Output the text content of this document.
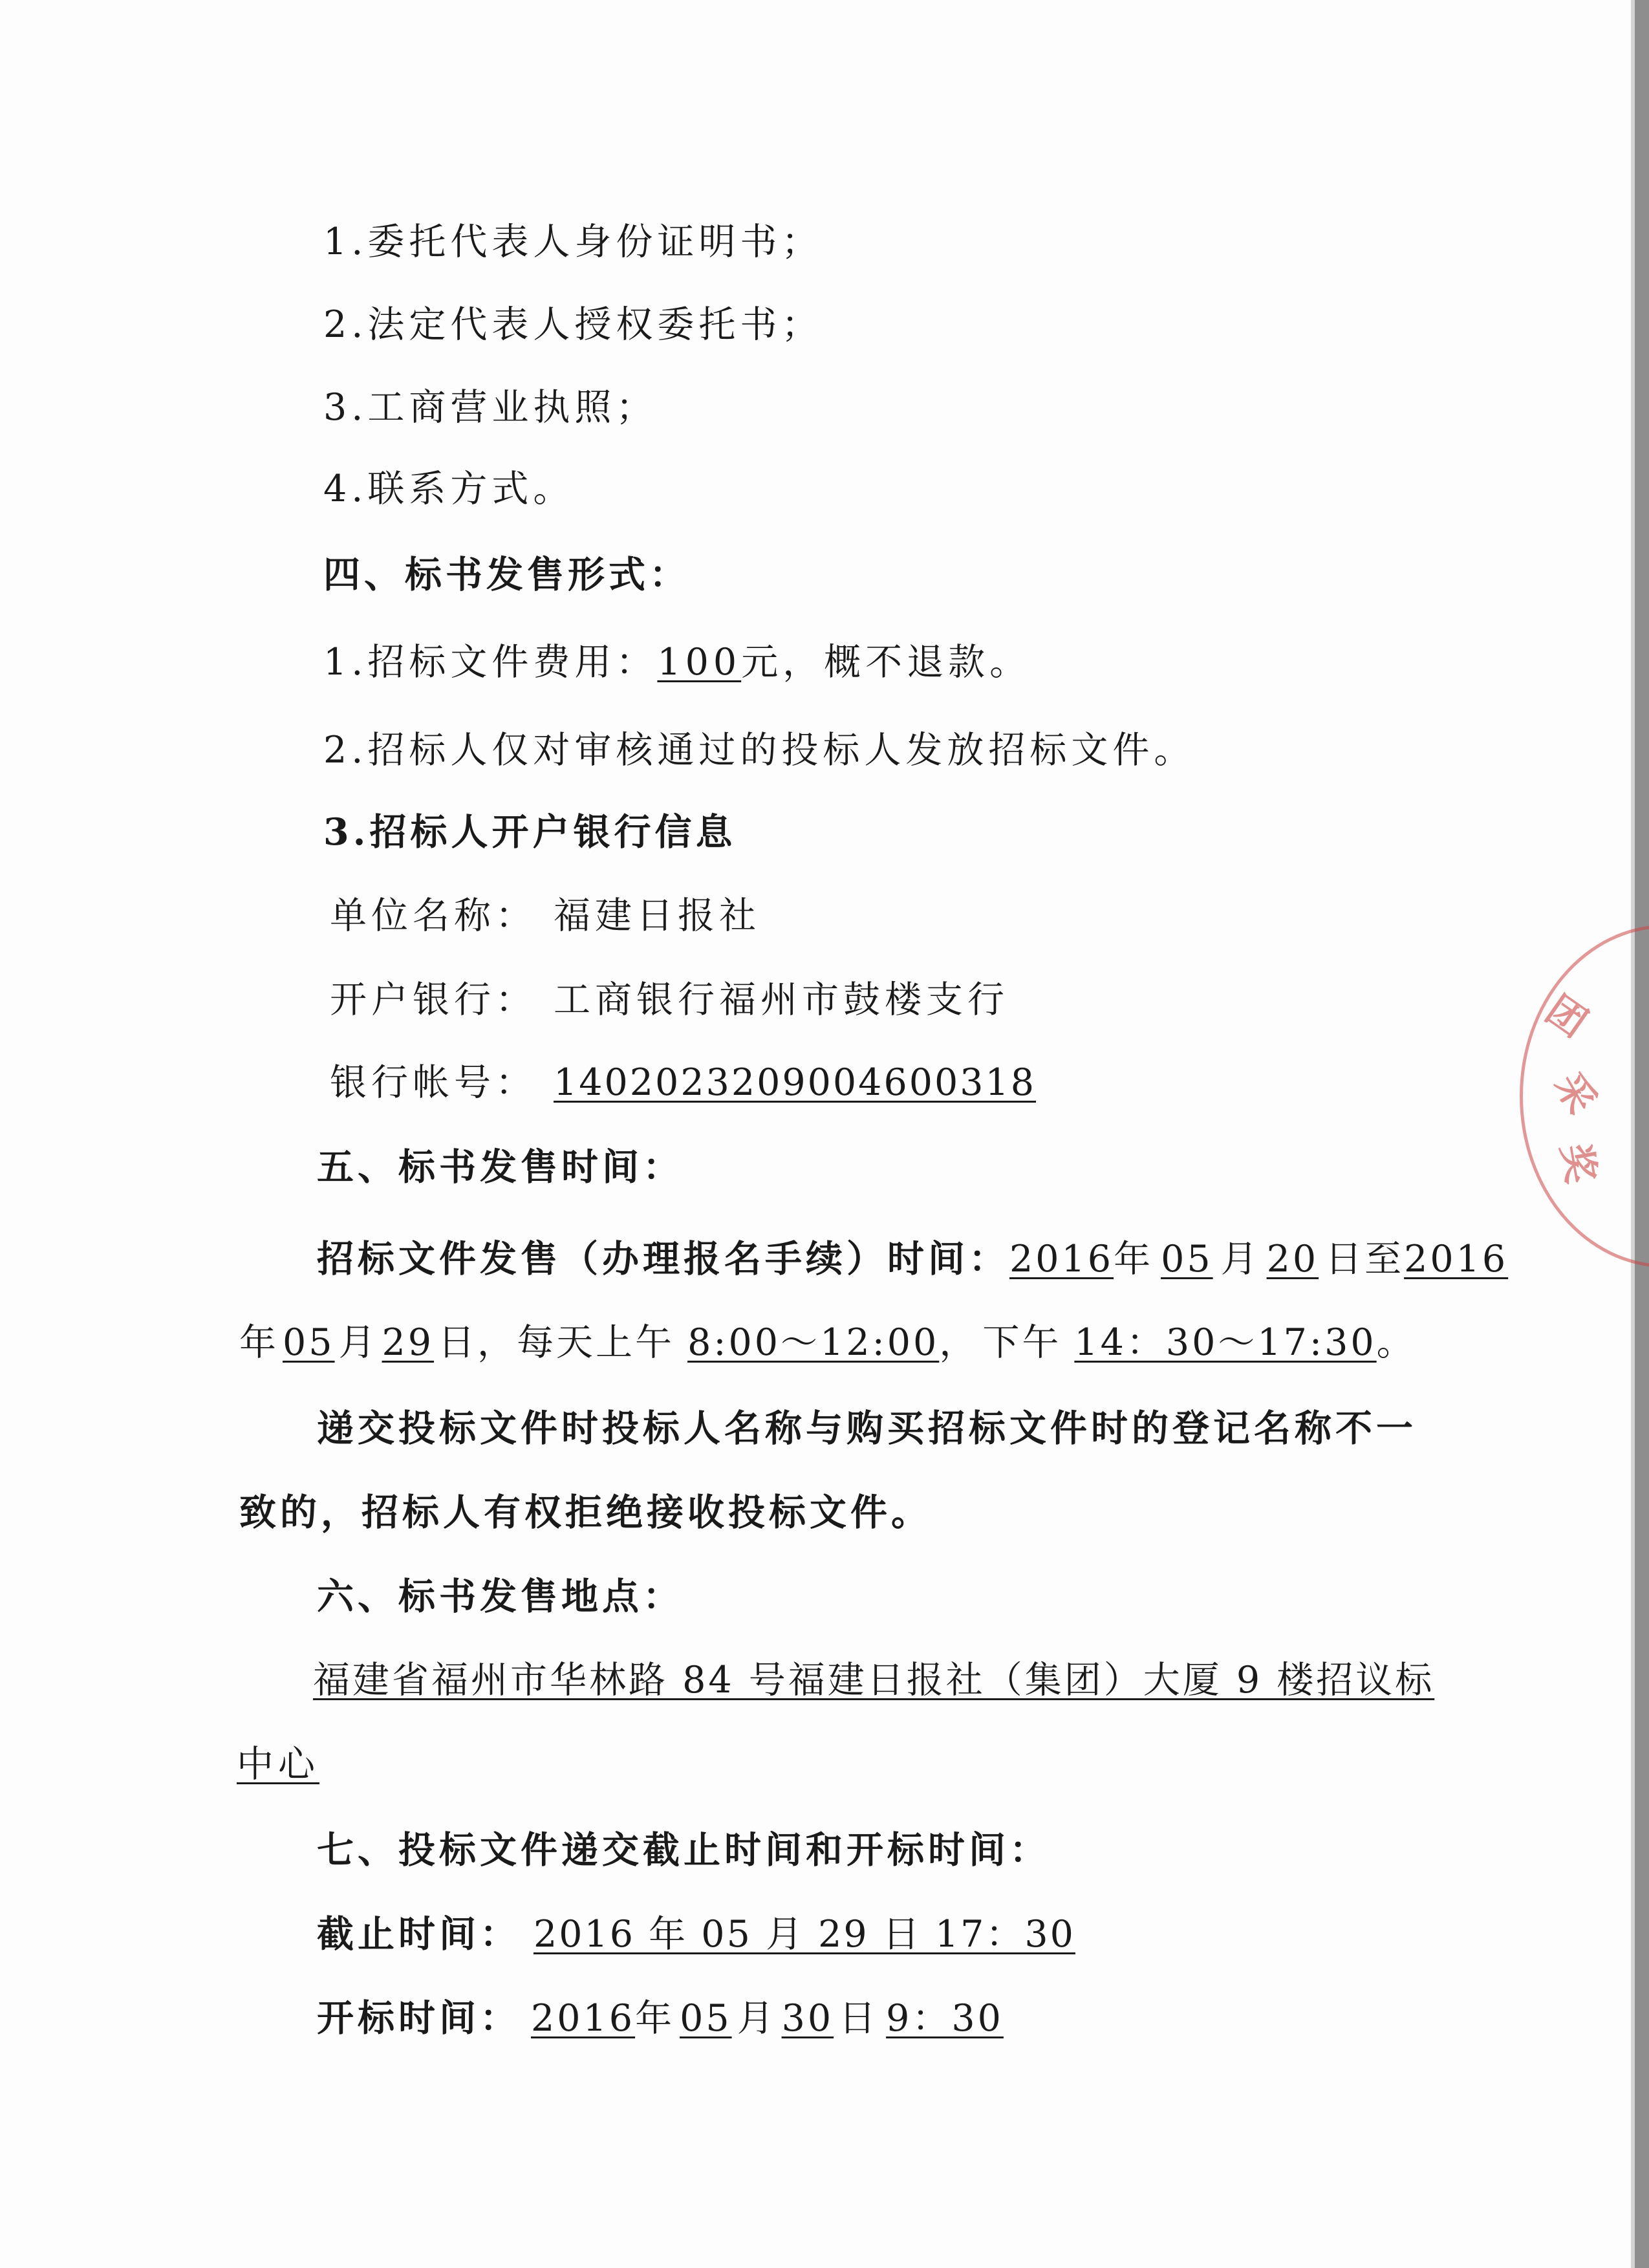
1.委托代表人身份证明书；
2.法定代表人授权委托书；
3.工商营业执照；
4.联系方式。
四、标书发售形式：
1.招标文件费用：100元，概不退款。
2.招标人仅对审核通过的投标人发放招标文件。
3.招标人开户银行信息
单位名称： 福建日报社
开户银行： 工商银行福州市鼓楼支行
银行帐号： 1402023209004600318
五、标书发售时间：
招标文件发售（办理报名手续）时间：2016年 05 月 20 日至2016
年 05 月 29 日，每天上午 8:00～12:00， 下午 14：30～17:30。
递交投标文件时投标人名称与购买招标文件时的登记名称不一
致的，招标人有权拒绝接收投标文件。
六、标书发售地点：
福建省福州市华林路 84 号福建日报社（集团）大厦 9 楼招议标
中心
七、投标文件递交截止时间和开标时间：
截止时间： 2016 年 05 月 29 日 17：30
开标时间： 2016年 05 月 30 日 9：30
团
采
奖
